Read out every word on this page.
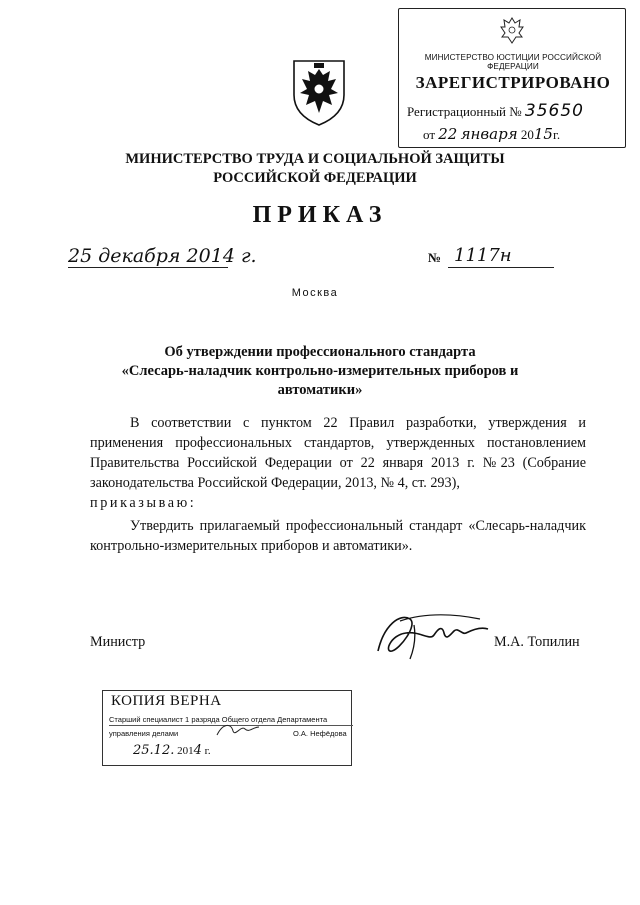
МИНИСТЕРСТВО ЮСТИЦИИ РОССИЙСКОЙ ФЕДЕРАЦИИ
ЗАРЕГИСТРИРОВАНО
Регистрационный № 35650
от 22 января 2015г.
МИНИСТЕРСТВО ТРУДА И СОЦИАЛЬНОЙ ЗАЩИТЫ
РОССИЙСКОЙ ФЕДЕРАЦИИ
ПРИКАЗ
25 декабря 2014 г.	№ 1117н
Москва
Об утверждении профессионального стандарта
«Слесарь-наладчик контрольно-измерительных приборов и
автоматики»
В соответствии с пунктом 22 Правил разработки, утверждения и применения профессиональных стандартов, утвержденных постановлением Правительства Российской Федерации от 22 января 2013 г. №23 (Собрание законодательства Российской Федерации, 2013, № 4, ст. 293),
приказываю:
Утвердить прилагаемый профессиональный стандарт «Слесарь-наладчик контрольно-измерительных приборов и автоматики».
Министр	М.А. Топилин
КОПИЯ ВЕРНА
Старший специалист 1 разряда Общего отдела Департамента
управления делами	О.А. Нефёдова
25.12. 2014 г.
